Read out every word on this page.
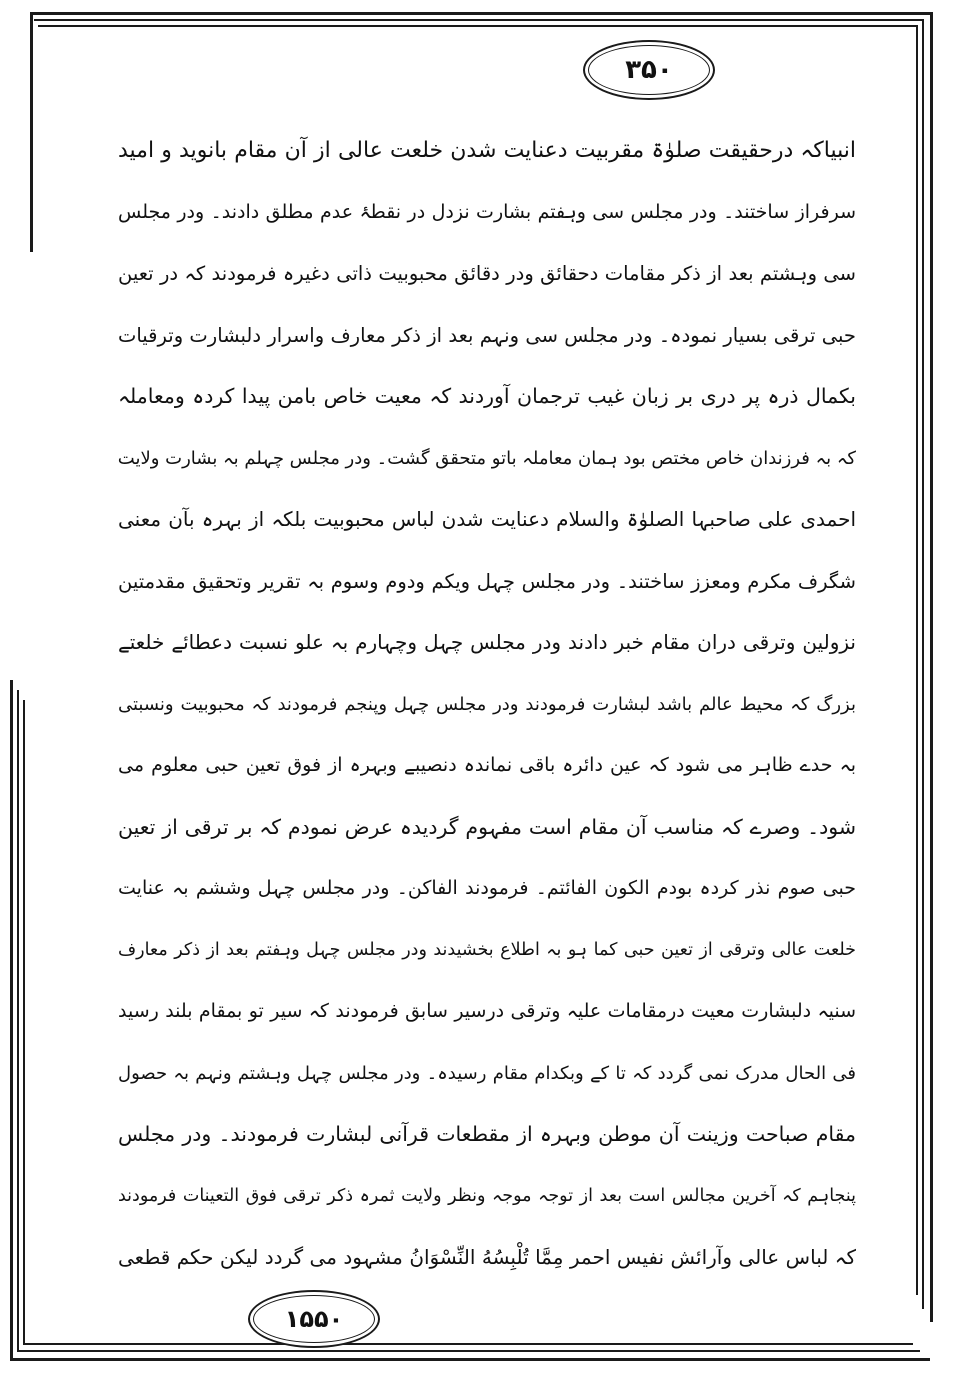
۳۵۰
۱۵۵۰
انبیاکہ درحقیقت صلوٰۃ مقربیت دعنایت شدن خلعت عالی از آن مقام بانوید و امید
سرفراز ساختند۔ ودر مجلس سی وہفتم بشارت نزدل در نقطۂ عدم مطلق دادند۔ ودر مجلس
سی وہشتم بعد از ذکر مقامات دحقائق ودر دقائق محبوبیت ذاتی دغیرہ فرمودند کہ در تعین
حبی ترقی بسیار نمودہ۔ ودر مجلس سی ونہم بعد از ذکر معارف واسرار دلبشارت وترقیات
بکمال ذرہ پر دری بر زبان غیب ترجمان آوردند کہ معیت خاص بامن پیدا کردہ ومعاملہ
کہ بہ فرزندان خاص مختص بود ہمان معاملہ باتو متحقق گشت۔ ودر مجلس چہلم بہ بشارت ولایت
احمدی علی صاحبہا الصلوٰۃ والسلام دعنایت شدن لباس محبوبیت بلکہ از بہرہ بآن معنی
شگرف مکرم ومعزز ساختند۔ ودر مجلس چہل ویکم ودوم وسوم بہ تقریر وتحقیق مقدمتین
نزولین وترقی دران مقام خبر دادند ودر مجلس چہل وچہارم بہ علو نسبت دعطائے خلعتے
بزرگ کہ محیط عالم باشد لبشارت فرمودند ودر مجلس چہل وپنجم فرمودند کہ محبوبیت ونسبتی
بہ حدے ظاہر می شود کہ عین دائرہ باقی نماندہ دنصیبے وبہرہ از فوق تعین حبی معلوم می
شود۔ وصرے کہ مناسب آن مقام است مفہوم گردیدہ عرض نمودم کہ بر ترقی از تعین
حبی صوم نذر کردہ بودم الکون الفائتم۔ فرمودند الفاکن۔ ودر مجلس چہل وششم بہ عنایت
خلعت عالی وترقی از تعین حبی کما ہو بہ اطلاع بخشیدند ودر مجلس چہل وہفتم بعد از ذکر معارف
سنیہ دلبشارت معیت درمقامات علیہ وترقی درسیر سابق فرمودند کہ سیر تو بمقام بلند رسید
فی الحال مدرک نمی گردد کہ تا کے وبکدام مقام رسیدہ۔ ودر مجلس چہل وہشتم ونہم بہ حصول
مقام صباحت وزینت آن موطن وبہرہ از مقطعات قرآنی لبشارت فرمودند۔ ودر مجلس
پنجاہم کہ آخرین مجالس است بعد از توجہ موجہ ونظر ولایت ثمرہ ذکر ترقی فوق التعینات فرمودند
کہ لباس عالی وآرائش نفیس احمر مِمَّا تُلْبِسُهُ النِّسْوَانُ مشہود می گردد لیکن حکم قطعی
